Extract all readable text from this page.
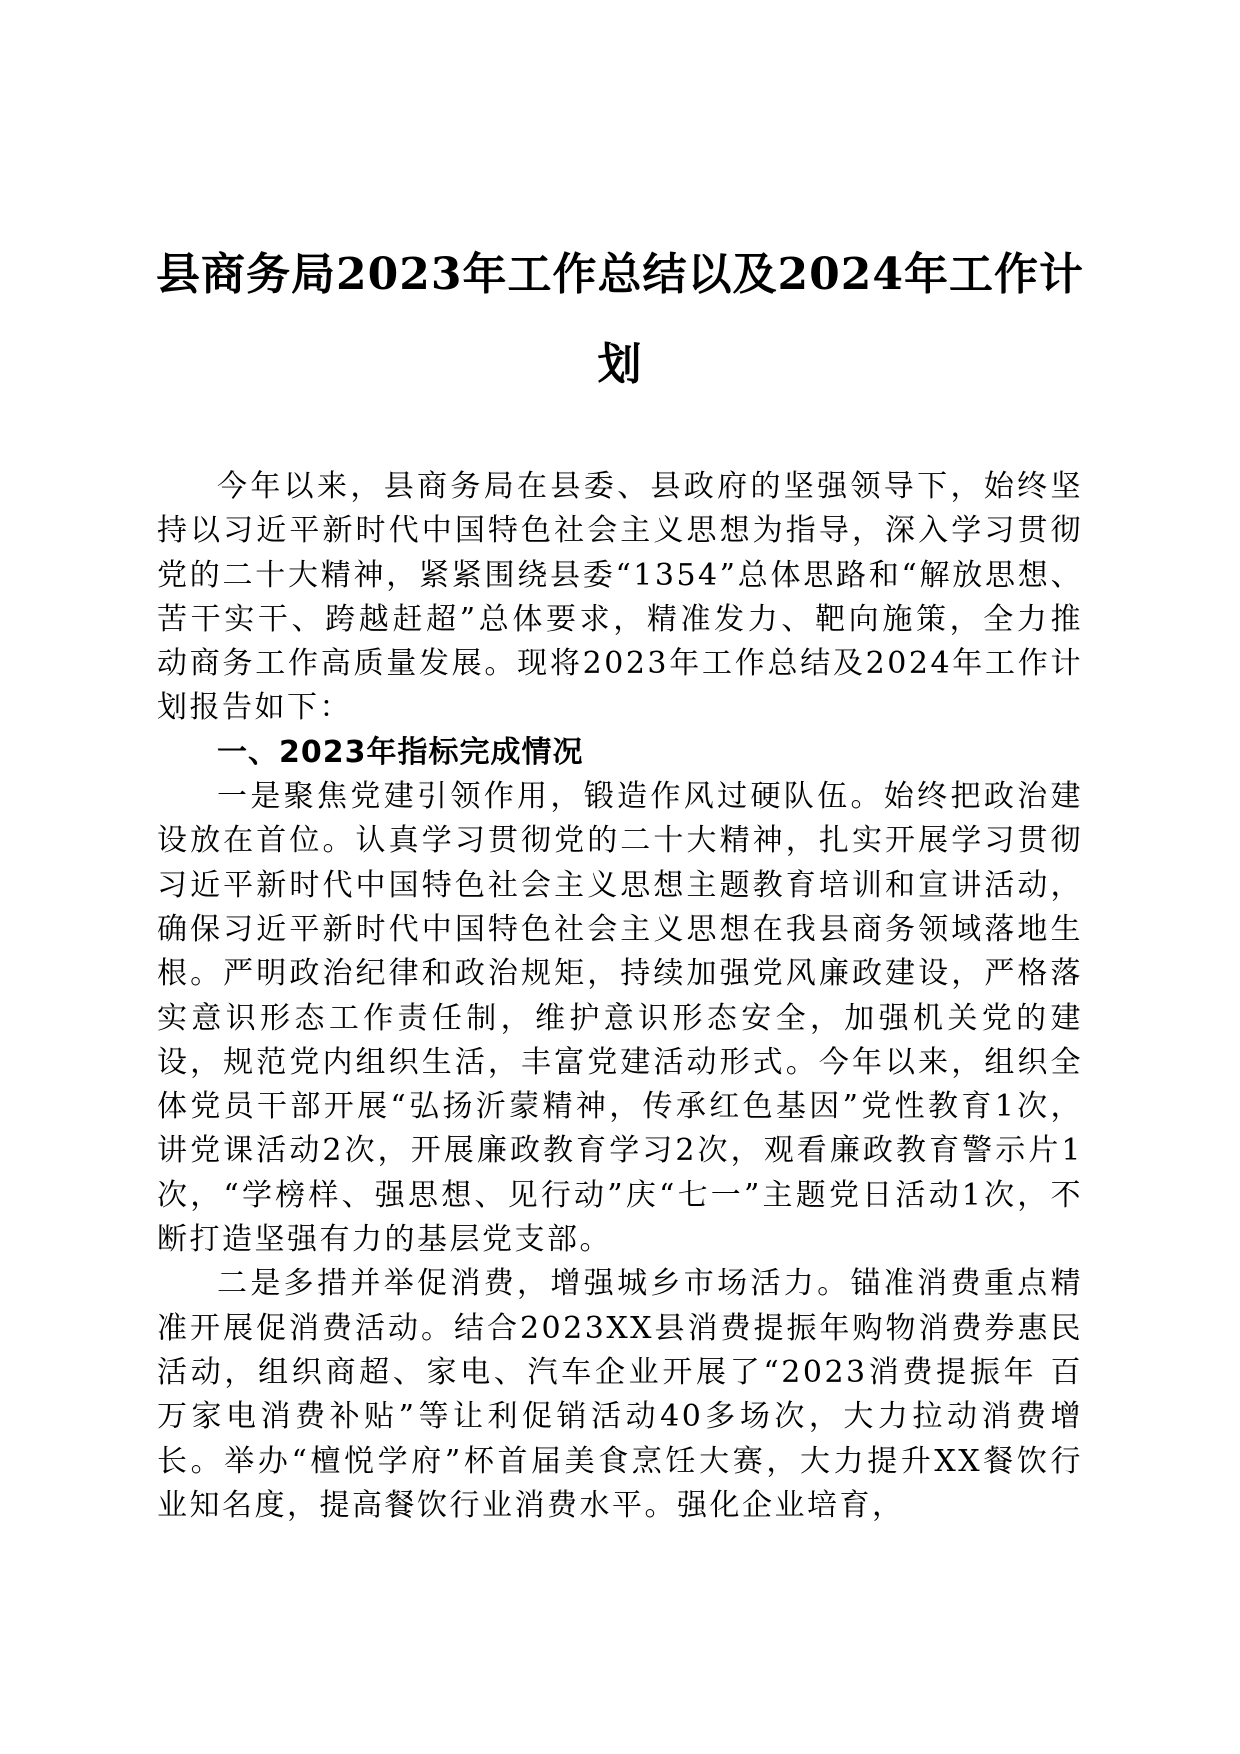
县商务局2023年工作总结以及2024年工作计划

今年以来，县商务局在县委、县政府的坚强领导下，始终坚持以习近平新时代中国特色社会主义思想为指导，深入学习贯彻党的二十大精神，紧紧围绕县委“1354”总体思路和“解放思想、苦干实干、跨越赶超”总体要求，精准发力、靶向施策，全力推动商务工作高质量发展。现将2023年工作总结及2024年工作计划报告如下：

一、2023年指标完成情况

一是聚焦党建引领作用，锻造作风过硬队伍。始终把政治建设放在首位。认真学习贯彻党的二十大精神，扎实开展学习贯彻习近平新时代中国特色社会主义思想主题教育培训和宣讲活动，确保习近平新时代中国特色社会主义思想在我县商务领域落地生根。严明政治纪律和政治规矩，持续加强党风廉政建设，严格落实意识形态工作责任制，维护意识形态安全，加强机关党的建设，规范党内组织生活，丰富党建活动形式。今年以来，组织全体党员干部开展“弘扬沂蒙精神，传承红色基因”党性教育1次，讲党课活动2次，开展廉政教育学习2次，观看廉政教育警示片1次，“学榜样、强思想、见行动”庆“七一”主题党日活动1次，不断打造坚强有力的基层党支部。

二是多措并举促消费，增强城乡市场活力。锚准消费重点精准开展促消费活动。结合2023XX县消费提振年购物消费券惠民活动，组织商超、家电、汽车企业开展了“2023消费提振年 百万家电消费补贴”等让利促销活动40多场次，大力拉动消费增长。举办“檀悦学府”杯首届美食烹饪大赛，大力提升XX餐饮行业知名度，提高餐饮行业消费水平。强化企业培育，
